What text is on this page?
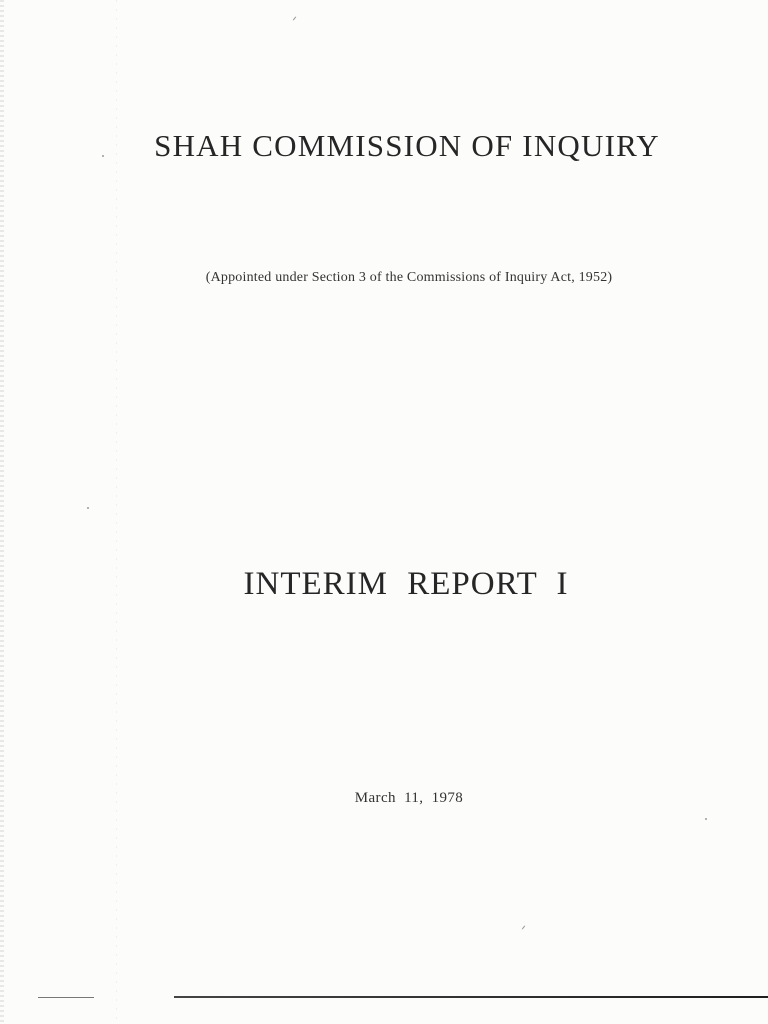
SHAH COMMISSION OF INQUIRY
(Appointed under Section 3 of the Commissions of Inquiry Act, 1952)
INTERIM REPORT I
March 11, 1978
